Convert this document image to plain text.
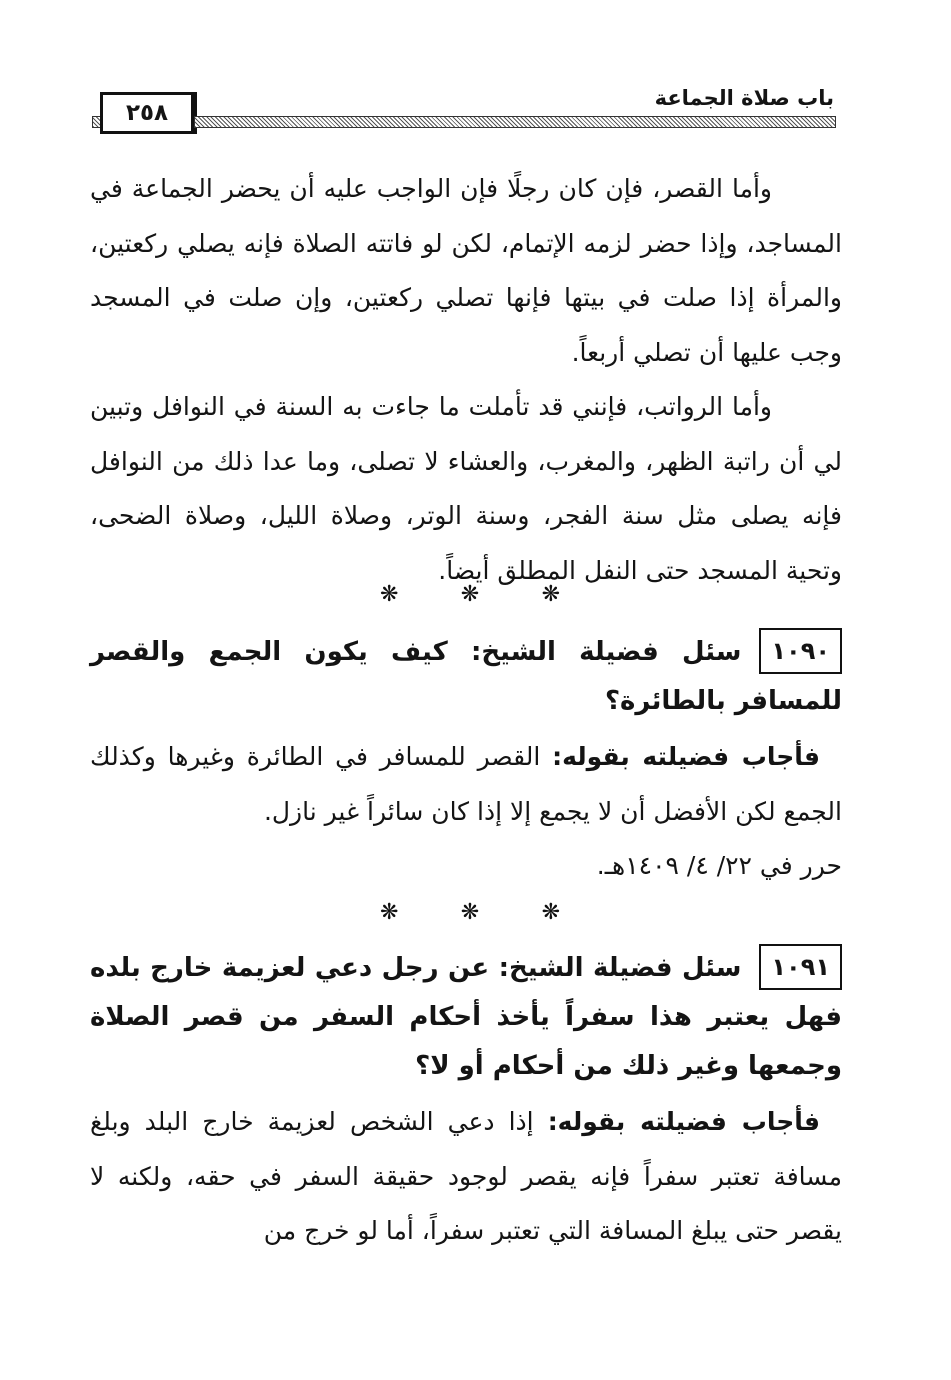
٢٥٨
باب صلاة الجماعة

وأما القصر، فإن كان رجلًا فإن الواجب عليه أن يحضر الجماعة في المساجد، وإذا حضر لزمه الإتمام، لكن لو فاتته الصلاة فإنه يصلي ركعتين، والمرأة إذا صلت في بيتها فإنها تصلي ركعتين، وإن صلت في المسجد وجب عليها أن تصلي أربعاً.

وأما الرواتب، فإنني قد تأملت ما جاءت به السنة في النوافل وتبين لي أن راتبة الظهر، والمغرب، والعشاء لا تصلى، وما عدا ذلك من النوافل فإنه يصلى مثل سنة الفجر، وسنة الوتر، وصلاة الليل، وصلاة الضحى، وتحية المسجد حتى النفل المطلق أيضاً.

❋	❋	❋

١٠٩٠
سئل فضيلة الشيخ: كيف يكون الجمع والقصر للمسافر بالطائرة؟

فأجاب فضيلته بقوله: القصر للمسافر في الطائرة وغيرها وكذلك الجمع لكن الأفضل أن لا يجمع إلا إذا كان سائراً غير نازل.

حرر في ٢٢/ ٤/ ١٤٠٩هـ.

❋	❋	❋

١٠٩١
سئل فضيلة الشيخ: عن رجل دعي لعزيمة خارج بلده فهل يعتبر هذا سفراً يأخذ أحكام السفر من قصر الصلاة وجمعها وغير ذلك من أحكام أو لا؟

فأجاب فضيلته بقوله: إذا دعي الشخص لعزيمة خارج البلد وبلغ مسافة تعتبر سفراً فإنه يقصر لوجود حقيقة السفر في حقه، ولكنه لا يقصر حتى يبلغ المسافة التي تعتبر سفراً، أما لو خرج من
